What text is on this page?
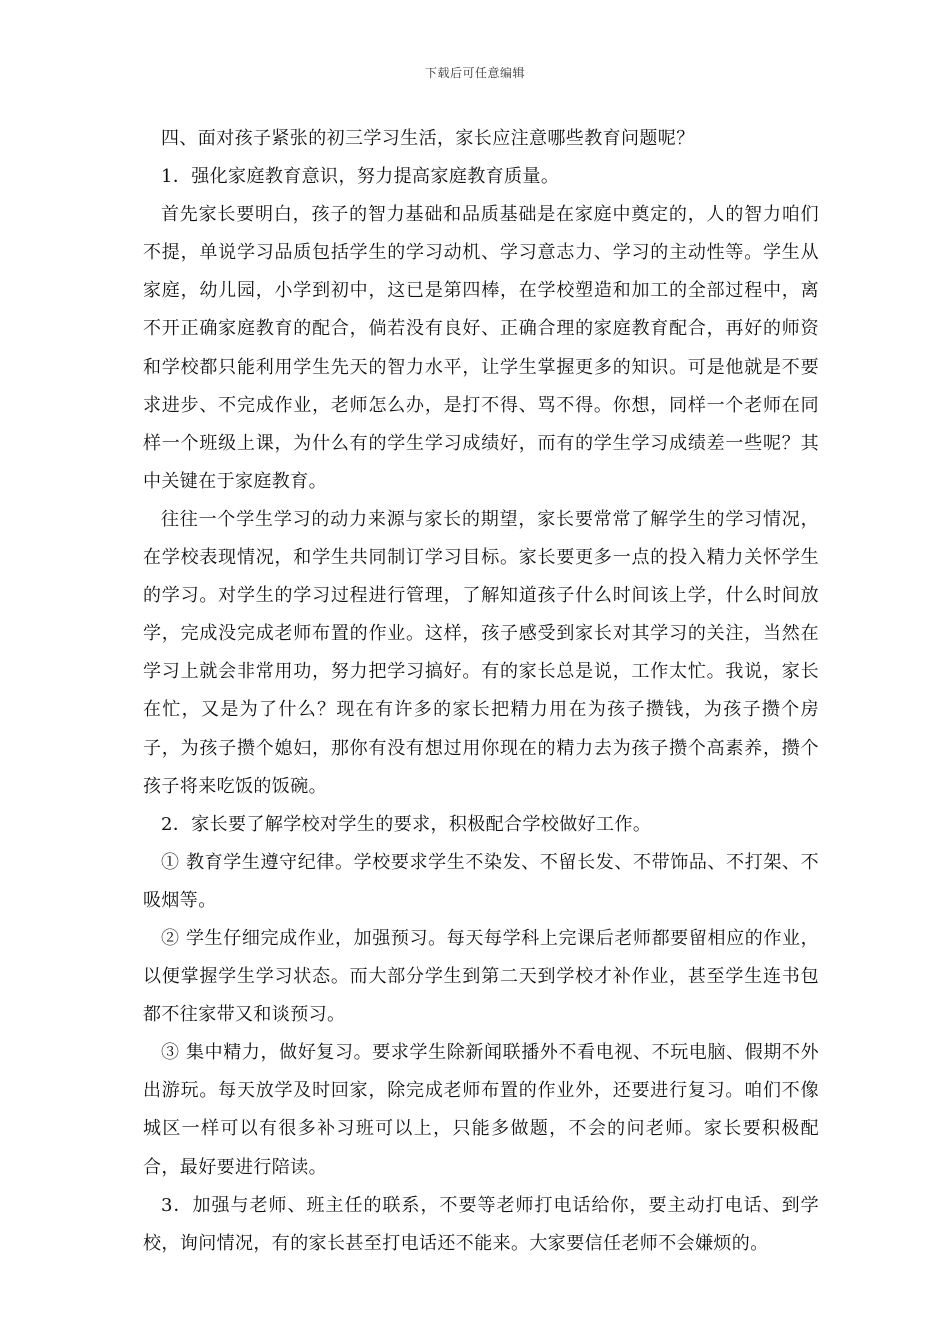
下载后可任意编辑

四、面对孩子紧张的初三学习生活，家长应注意哪些教育问题呢？

1．强化家庭教育意识，努力提高家庭教育质量。

首先家长要明白，孩子的智力基础和品质基础是在家庭中奠定的，人的智力咱们不提，单说学习品质包括学生的学习动机、学习意志力、学习的主动性等。学生从家庭，幼儿园，小学到初中，这已是第四棒，在学校塑造和加工的全部过程中，离不开正确家庭教育的配合，倘若没有良好、正确合理的家庭教育配合，再好的师资和学校都只能利用学生先天的智力水平，让学生掌握更多的知识。可是他就是不要求进步、不完成作业，老师怎么办，是打不得、骂不得。你想，同样一个老师在同样一个班级上课，为什么有的学生学习成绩好，而有的学生学习成绩差一些呢？其中关键在于家庭教育。

往往一个学生学习的动力来源与家长的期望，家长要常常了解学生的学习情况，在学校表现情况，和学生共同制订学习目标。家长要更多一点的投入精力关怀学生的学习。对学生的学习过程进行管理，了解知道孩子什么时间该上学，什么时间放学，完成没完成老师布置的作业。这样，孩子感受到家长对其学习的关注，当然在学习上就会非常用功，努力把学习搞好。有的家长总是说，工作太忙。我说，家长在忙，又是为了什么？现在有许多的家长把精力用在为孩子攒钱，为孩子攒个房子，为孩子攒个媳妇，那你有没有想过用你现在的精力去为孩子攒个高素养，攒个孩子将来吃饭的饭碗。

2．家长要了解学校对学生的要求，积极配合学校做好工作。

① 教育学生遵守纪律。学校要求学生不染发、不留长发、不带饰品、不打架、不吸烟等。

② 学生仔细完成作业，加强预习。每天每学科上完课后老师都要留相应的作业，以便掌握学生学习状态。而大部分学生到第二天到学校才补作业，甚至学生连书包都不往家带又和谈预习。

③ 集中精力，做好复习。要求学生除新闻联播外不看电视、不玩电脑、假期不外出游玩。每天放学及时回家，除完成老师布置的作业外，还要进行复习。咱们不像城区一样可以有很多补习班可以上，只能多做题，不会的问老师。家长要积极配合，最好要进行陪读。

3．加强与老师、班主任的联系，不要等老师打电话给你，要主动打电话、到学校，询问情况，有的家长甚至打电话还不能来。大家要信任老师不会嫌烦的。
